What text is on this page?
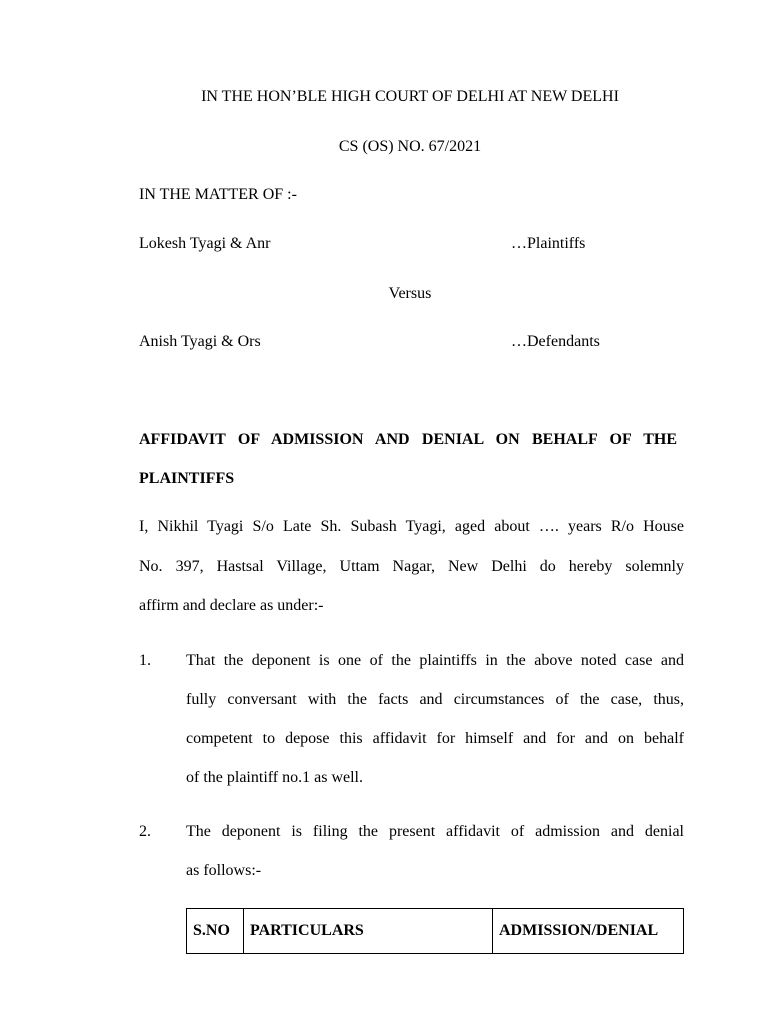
IN THE HON’BLE HIGH COURT OF DELHI AT NEW DELHI
CS (OS) NO. 67/2021
IN THE MATTER OF :-
Lokesh Tyagi & Anr	…Plaintiffs
Versus
Anish Tyagi & Ors	…Defendants
AFFIDAVIT OF ADMISSION AND DENIAL ON BEHALF OF THE
PLAINTIFFS
I, Nikhil Tyagi S/o Late Sh. Subash Tyagi, aged about …. years R/o House
No. 397, Hastsal Village, Uttam Nagar, New Delhi do hereby solemnly
affirm and declare as under:-
1. That the deponent is one of the plaintiffs in the above noted case and
fully conversant with the facts and circumstances of the case, thus,
competent to depose this affidavit for himself and for and on behalf
of the plaintiff no.1 as well.
2. The deponent is filing the present affidavit of admission and denial
as follows:-
S.NO	PARTICULARS	ADMISSION/DENIAL
